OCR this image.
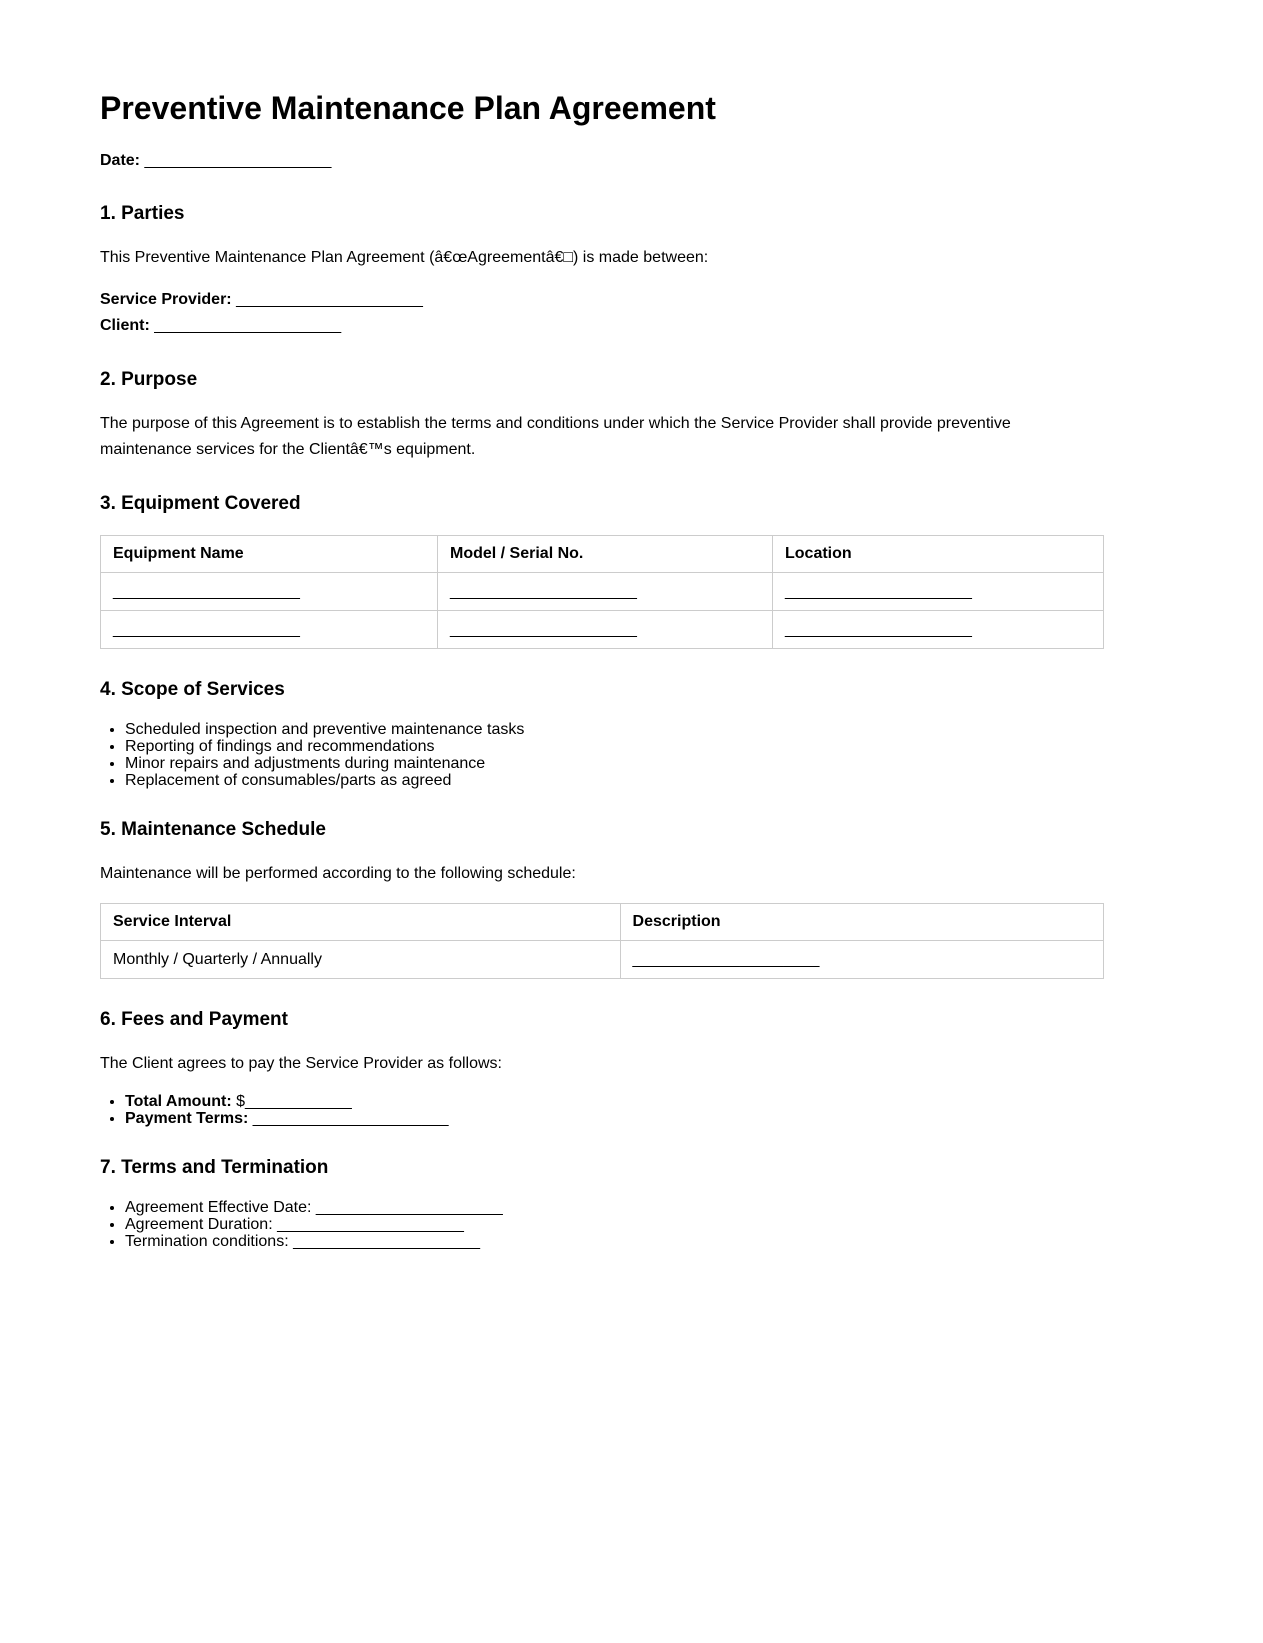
Preventive Maintenance Plan Agreement

Date: _____________________

1. Parties

This Preventive Maintenance Plan Agreement (â€œAgreementâ€□) is made between:

Service Provider: _____________________
Client: _____________________
2. Purpose

The purpose of this Agreement is to establish the terms and conditions under which the Service Provider shall provide preventive maintenance services for the Clientâ€™s equipment.

3. Equipment Covered
Equipment Name	Model / Serial No.	Location
_____________________	_____________________	_____________________
_____________________	_____________________	_____________________
4. Scope of Services
• Scheduled inspection and preventive maintenance tasks
• Reporting of findings and recommendations
• Minor repairs and adjustments during maintenance
• Replacement of consumables/parts as agreed
5. Maintenance Schedule

Maintenance will be performed according to the following schedule:

Service Interval	Description
Monthly / Quarterly / Annually	_____________________
6. Fees and Payment

The Client agrees to pay the Service Provider as follows:

• Total Amount: $____________
• Payment Terms: ______________________
7. Terms and Termination
• Agreement Effective Date: _____________________
• Agreement Duration: _____________________
• Termination conditions: _____________________
